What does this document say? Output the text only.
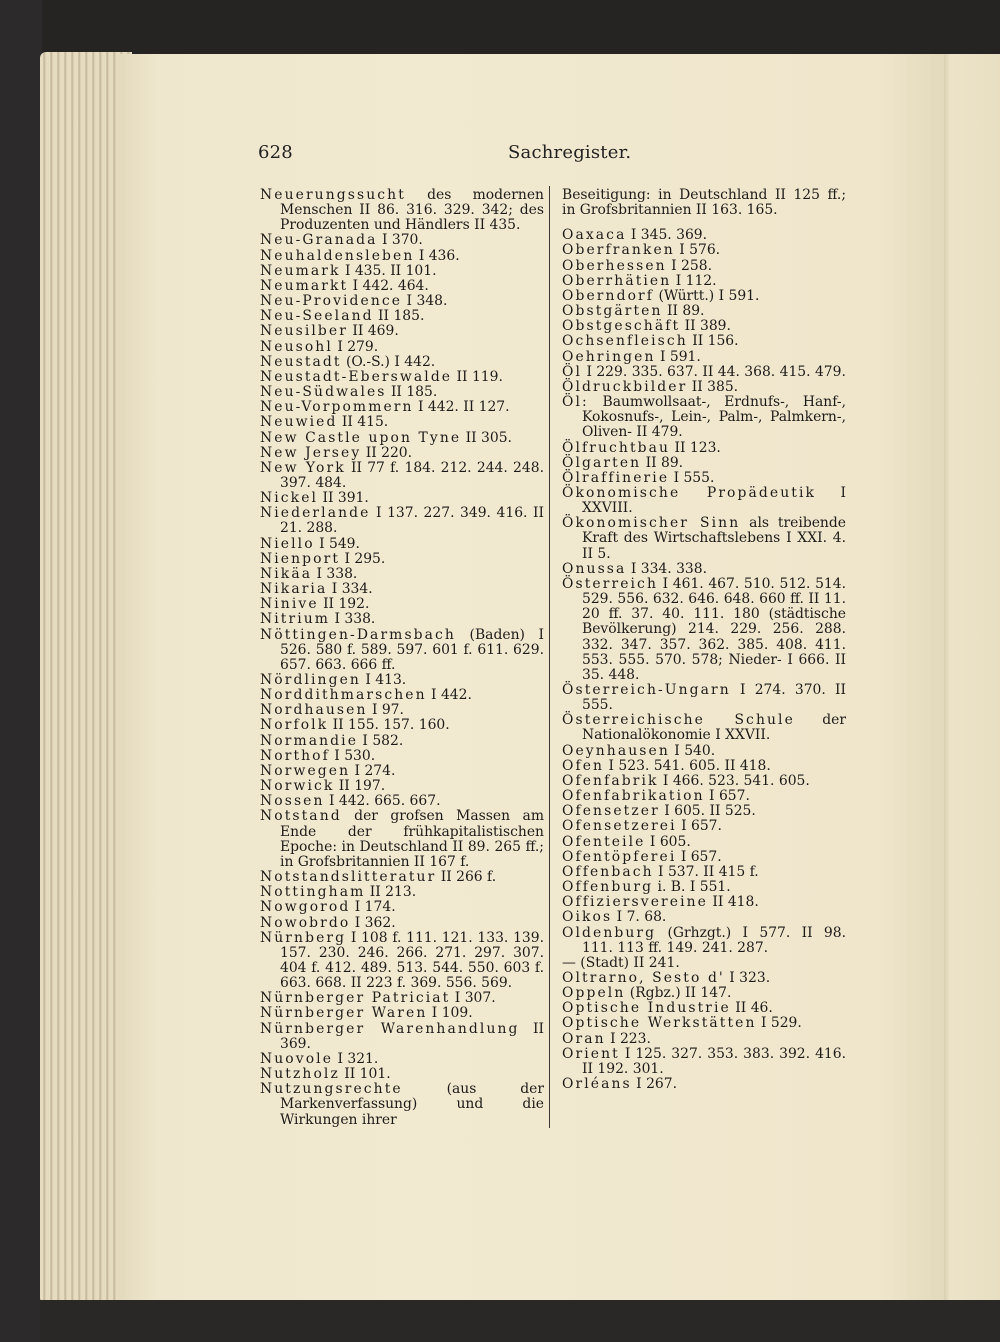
628	Sachregister.
Neuerungssucht des modernen Menschen II 86. 316. 329. 342; des Produzenten und Händlers II 435.
Neu-Granada I 370.
Neuhaldensleben I 436.
Neumark I 435. II 101.
Neumarkt I 442. 464.
Neu-Providence I 348.
Neu-Seeland II 185.
Neusilber II 469.
Neusohl I 279.
Neustadt (O.-S.) I 442.
Neustadt-Eberswalde II 119.
Neu-Südwales II 185.
Neu-Vorpommern I 442. II 127.
Neuwied II 415.
New Castle upon Tyne II 305.
New Jersey II 220.
New York II 77 f. 184. 212. 244. 248. 397. 484.
Nickel II 391.
Niederlande I 137. 227. 349. 416. II 21. 288.
Niello I 549.
Nienport I 295.
Nikäa I 338.
Nikaria I 334.
Ninive II 192.
Nitrium I 338.
Nöttingen-Darmsbach (Baden) I 526. 580 f. 589. 597. 601 f. 611. 629. 657. 663. 666 ff.
Nördlingen I 413.
Norddithmarschen I 442.
Nordhausen I 97.
Norfolk II 155. 157. 160.
Normandie I 582.
Northof I 530.
Norwegen I 274.
Norwick II 197.
Nossen I 442. 665. 667.
Notstand der grofsen Massen am Ende der frühkapitalistischen Epoche: in Deutschland II 89. 265 ff.; in Grofsbritannien II 167 f.
Notstandslitteratur II 266 f.
Nottingham II 213.
Nowgorod I 174.
Nowobrdo I 362.
Nürnberg I 108 f. 111. 121. 133. 139. 157. 230. 246. 266. 271. 297. 307. 404 f. 412. 489. 513. 544. 550. 603 f. 663. 668. II 223 f. 369. 556. 569.
Nürnberger Patriciat I 307.
Nürnberger Waren I 109.
Nürnberger Warenhandlung II 369.
Nuovole I 321.
Nutzholz II 101.
Nutzungsrechte (aus der Markenverfassung) und die Wirkungen ihrer
Beseitigung: in Deutschland II 125 ff.; in Grofsbritannien II 163. 165.
Oaxaca I 345. 369.
Oberfranken I 576.
Oberhessen I 258.
Oberrhätien I 112.
Oberndorf (Württ.) I 591.
Obstgärten II 89.
Obstgeschäft II 389.
Ochsenfleisch II 156.
Oehringen I 591.
Öl I 229. 335. 637. II 44. 368. 415. 479.
Öldruckbilder II 385.
Öl: Baumwollsaat-, Erdnufs-, Hanf-, Kokosnufs-, Lein-, Palm-, Palmkern-, Oliven- II 479.
Ölfruchtbau II 123.
Ölgarten II 89.
Ölraffinerie I 555.
Ökonomische Propädeutik I XXVIII.
Ökonomischer Sinn als treibende Kraft des Wirtschaftslebens I XXI. 4. II 5.
Onussa I 334. 338.
Österreich I 461. 467. 510. 512. 514. 529. 556. 632. 646. 648. 660 ff. II 11. 20 ff. 37. 40. 111. 180 (städtische Bevölkerung) 214. 229. 256. 288. 332. 347. 357. 362. 385. 408. 411. 553. 555. 570. 578; Nieder- I 666. II 35. 448.
Österreich-Ungarn I 274. 370. II 555.
Österreichische Schule der Nationalökonomie I XXVII.
Oeynhausen I 540.
Ofen I 523. 541. 605. II 418.
Ofenfabrik I 466. 523. 541. 605.
Ofenfabrikation I 657.
Ofensetzer I 605. II 525.
Ofensetzerei I 657.
Ofenteile I 605.
Ofentöpferei I 657.
Offenbach I 537. II 415 f.
Offenburg i. B. I 551.
Offiziersvereine II 418.
Oikos I 7. 68.
Oldenburg (Grhzgt.) I 577. II 98. 111. 113 ff. 149. 241. 287.
— (Stadt) II 241.
Oltrarno, Sesto d' I 323.
Oppeln (Rgbz.) II 147.
Optische Industrie II 46.
Optische Werkstätten I 529.
Oran I 223.
Orient I 125. 327. 353. 383. 392. 416. II 192. 301.
Orléans I 267.
